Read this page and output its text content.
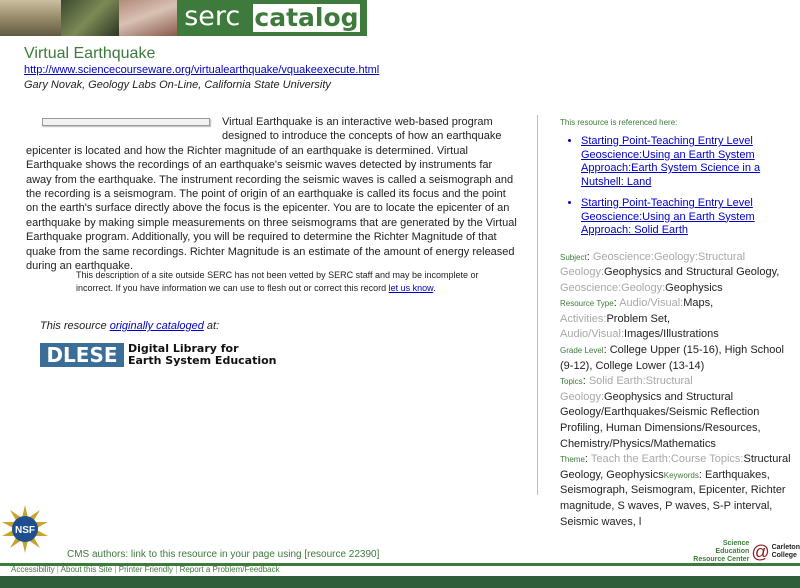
serc catalog
Virtual Earthquake
http://www.sciencecourseware.org/virtualearthquake/vquakeexecute.html
Gary Novak, Geology Labs On-Line, California State University

Virtual Earthquake is an interactive web-based program designed to introduce the concepts of how an earthquake epicenter is located and how the Richter magnitude of an earthquake is determined. Virtual Earthquake shows the recordings of an earthquake's seismic waves detected by instruments far away from the earthquake. The instrument recording the seismic waves is called a seismograph and the recording is a seismogram. The point of origin of an earthquake is called its focus and the point on the earth's surface directly above the focus is the epicenter. You are to locate the epicenter of an earthquake by making simple measurements on three seismograms that are generated by the Virtual Earthquake program. Additionally, you will be required to determine the Richter Magnitude of that quake from the same recordings. Richter Magnitude is an estimate of the amount of energy released during an earthquake.

This description of a site outside SERC has not been vetted by SERC staff and may be incomplete or incorrect. If you have information we can use to flesh out or correct this record let us know.
This resource originally cataloged at:
DLESE Digital Library for
Earth System Education
This resource is referenced here:
• Starting Point-Teaching Entry Level Geoscience:Using an Earth System Approach:Earth System Science in a Nutshell: Land
• Starting Point-Teaching Entry Level Geoscience:Using an Earth System Approach: Solid Earth
Subject: Geoscience:Geology:Structural Geology:Geophysics and Structural Geology, Geoscience:Geology:Geophysics
Resource Type: Audio/Visual:Maps, Activities:Problem Set, Audio/Visual:Images/Illustrations
Grade Level: College Upper (15-16), High School (9-12), College Lower (13-14)
Topics: Solid Earth:Structural Geology:Geophysics and Structural Geology/Earthquakes/Seismic Reflection Profiling, Human Dimensions/Resources, Chemistry/Physics/Mathematics
Theme: Teach the Earth:Course Topics:Structural Geology, GeophysicsKeywords: Earthquakes, Seismograph, Seismogram, Epicenter, Richter magnitude, S waves, P waves, S-P interval, Seismic waves, l
NSF
CMS authors: link to this resource in your page using [resource 22390]
Science Education
Resource Center @ Carleton
College
Accessibility | About this Site | Printer Friendly | Report a Problem/Feedback
